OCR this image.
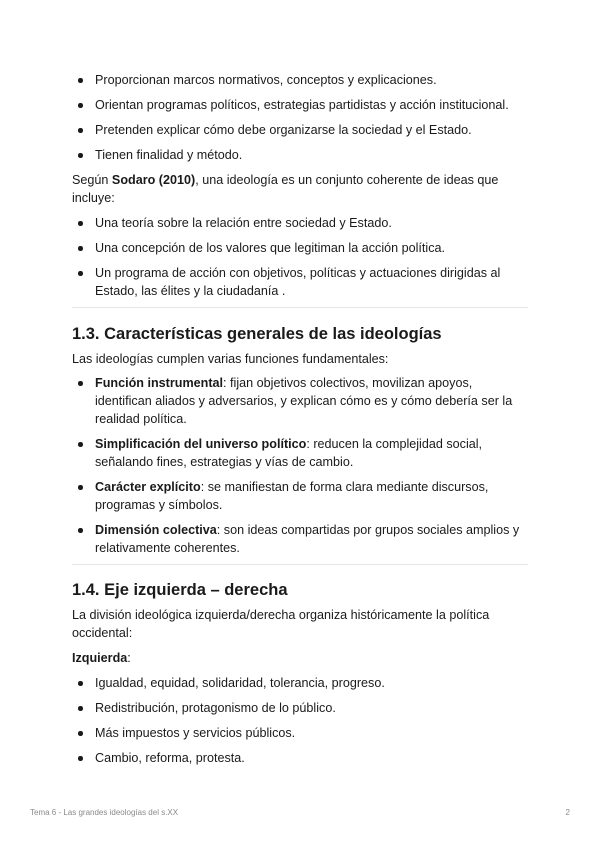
Proporcionan marcos normativos, conceptos y explicaciones.
Orientan programas políticos, estrategias partidistas y acción institucional.
Pretenden explicar cómo debe organizarse la sociedad y el Estado.
Tienen finalidad y método.

Según Sodaro (2010), una ideología es un conjunto coherente de ideas que incluye:

Una teoría sobre la relación entre sociedad y Estado.
Una concepción de los valores que legitiman la acción política.
Un programa de acción con objetivos, políticas y actuaciones dirigidas al Estado, las élites y la ciudadanía .
1.3. Características generales de las ideologías

Las ideologías cumplen varias funciones fundamentales:

Función instrumental: fijan objetivos colectivos, movilizan apoyos, identifican aliados y adversarios, y explican cómo es y cómo debería ser la realidad política.
Simplificación del universo político: reducen la complejidad social, señalando fines, estrategias y vías de cambio.
Carácter explícito: se manifiestan de forma clara mediante discursos, programas y símbolos.
Dimensión colectiva: son ideas compartidas por grupos sociales amplios y relativamente coherentes.
1.4. Eje izquierda – derecha

La división ideológica izquierda/derecha organiza históricamente la política occidental:

Izquierda:

Igualdad, equidad, solidaridad, tolerancia, progreso.
Redistribución, protagonismo de lo público.
Más impuestos y servicios públicos.
Cambio, reforma, protesta.
Tema 6 - Las grandes ideologías del s.XX	2
